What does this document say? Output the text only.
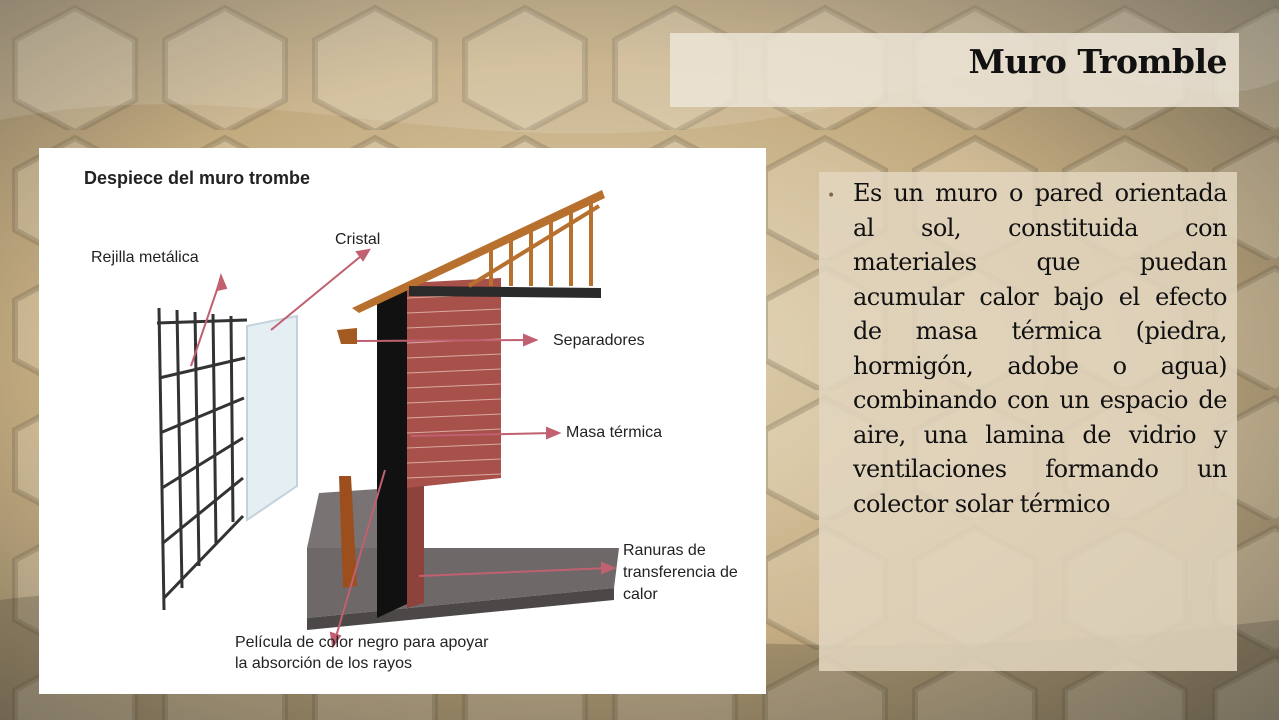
Muro Tromble
Despiece del muro trombe
Rejilla metálica
Cristal
Separadores
Masa térmica
Ranuras de
transferencia de
calor
Película de color negro para apoyar
la absorción de los rayos
• Es un muro o pared orientada al sol, constituida con materiales que puedan acumular calor bajo el efecto de masa térmica (piedra, hormigón, adobe o agua) combinando con un espacio de aire, una lamina de vidrio y ventilaciones formando un colector solar térmico
